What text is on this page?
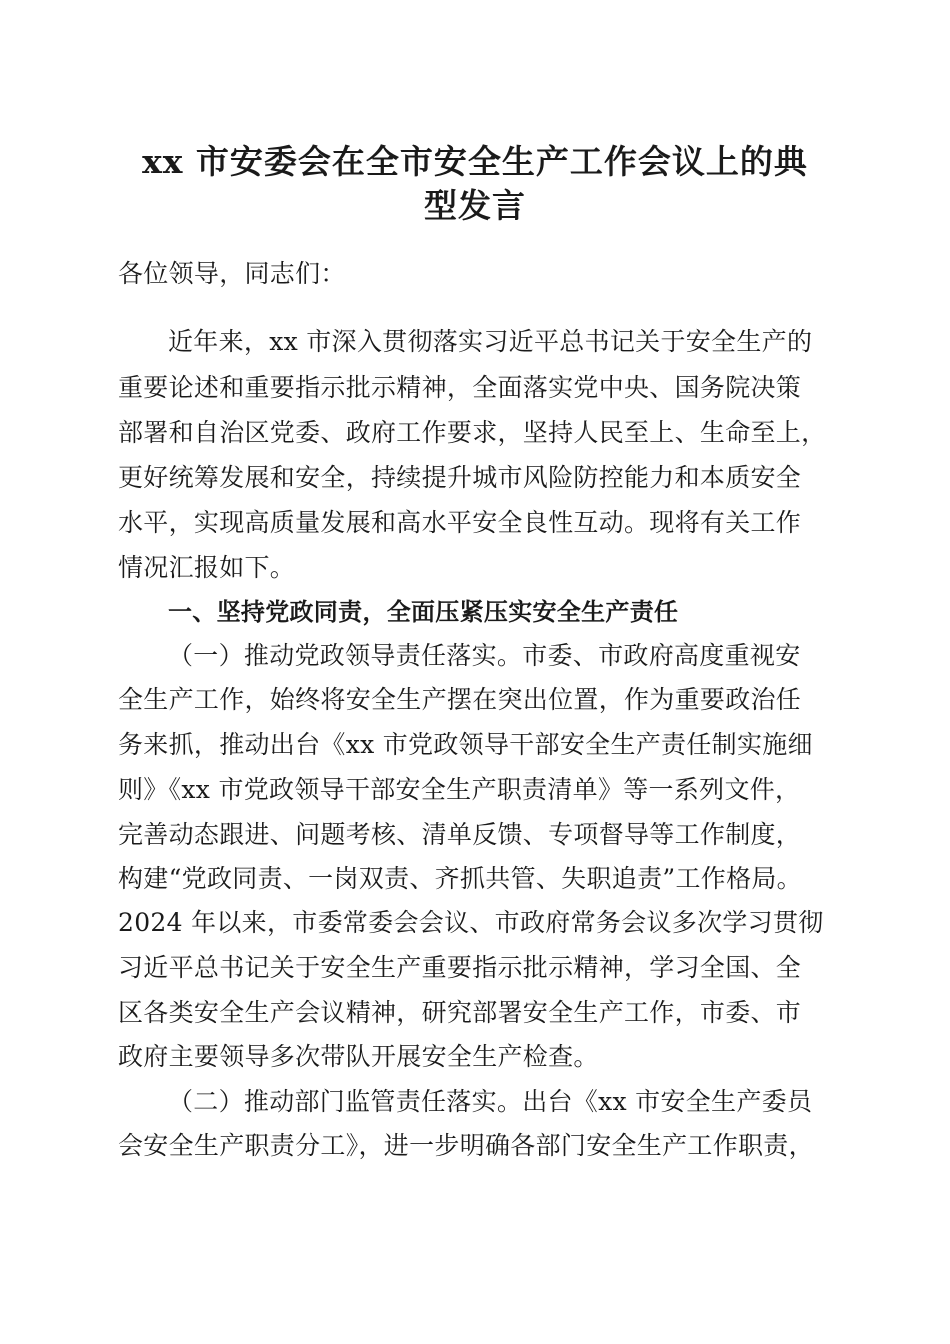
xx 市安委会在全市安全生产工作会议上的典
型发言

各位领导，同志们：

近年来，xx 市深入贯彻落实习近平总书记关于安全生产的

重要论述和重要指示批示精神，全面落实党中央、国务院决策

部署和自治区党委、政府工作要求，坚持人民至上、生命至上，

更好统筹发展和安全，持续提升城市风险防控能力和本质安全

水平，实现高质量发展和高水平安全良性互动。现将有关工作

情况汇报如下。

一、坚持党政同责，全面压紧压实安全生产责任

（一）推动党政领导责任落实。市委、市政府高度重视安

全生产工作，始终将安全生产摆在突出位置，作为重要政治任

务来抓，推动出台《xx 市党政领导干部安全生产责任制实施细

则》《xx 市党政领导干部安全生产职责清单》等一系列文件，

完善动态跟进、问题考核、清单反馈、专项督导等工作制度，

构建“党政同责、一岗双责、齐抓共管、失职追责”工作格局。

2024 年以来，市委常委会会议、市政府常务会议多次学习贯彻

习近平总书记关于安全生产重要指示批示精神，学习全国、全

区各类安全生产会议精神，研究部署安全生产工作，市委、市

政府主要领导多次带队开展安全生产检查。

（二）推动部门监管责任落实。出台《xx 市安全生产委员

会安全生产职责分工》，进一步明确各部门安全生产工作职责，
